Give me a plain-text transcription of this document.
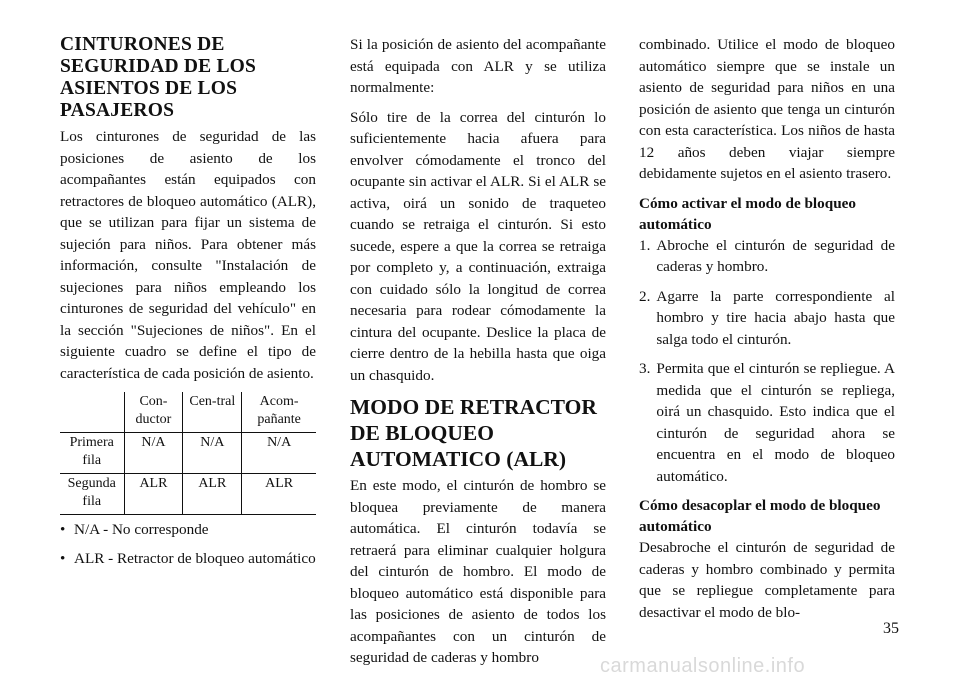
CINTURONES DE SEGURIDAD DE LOS ASIENTOS DE LOS PASAJEROS

Los cinturones de seguridad de las posiciones de asiento de los acompañantes están equipados con retractores de bloqueo automático (ALR), que se utilizan para fijar un sistema de sujeción para niños. Para obtener más información, consulte "Instalación de sujeciones para niños empleando los cinturones de seguridad del vehículo" en la sección "Sujeciones de niños". En el siguiente cuadro se define el tipo de característica de cada posición de asiento.

	Con-ductor	Cen-tral	Acom-pañante
Primera fila	N/A	N/A	N/A
Segunda fila	ALR	ALR	ALR
• N/A - No corresponde
• ALR - Retractor de bloqueo automático

Si la posición de asiento del acompañante está equipada con ALR y se utiliza normalmente:

Sólo tire de la correa del cinturón lo suficientemente hacia afuera para envolver cómodamente el tronco del ocupante sin activar el ALR. Si el ALR se activa, oirá un sonido de traqueteo cuando se retraiga el cinturón. Si esto sucede, espere a que la correa se retraiga por completo y, a continuación, extraiga con cuidado sólo la longitud de correa necesaria para rodear cómodamente la cintura del ocupante. Deslice la placa de cierre dentro de la hebilla hasta que oiga un chasquido.

MODO DE RETRACTOR DE BLOQUEO AUTOMATICO (ALR)

En este modo, el cinturón de hombro se bloquea previamente de manera automática. El cinturón todavía se retraerá para eliminar cualquier holgura del cinturón de hombro. El modo de bloqueo automático está disponible para las posiciones de asiento de todos los acompañantes con un cinturón de seguridad de caderas y hombro

combinado. Utilice el modo de bloqueo automático siempre que se instale un asiento de seguridad para niños en una posición de asiento que tenga un cinturón con esta característica. Los niños de hasta 12 años deben viajar siempre debidamente sujetos en el asiento trasero.

Cómo activar el modo de bloqueo automático

1. Abroche el cinturón de seguridad de caderas y hombro.

2. Agarre la parte correspondiente al hombro y tire hacia abajo hasta que salga todo el cinturón.

3. Permita que el cinturón se repliegue. A medida que el cinturón se repliega, oirá un chasquido. Esto indica que el cinturón de seguridad ahora se encuentra en el modo de bloqueo automático.

Cómo desacoplar el modo de bloqueo automático

Desabroche el cinturón de seguridad de caderas y hombro combinado y permita que se repliegue completamente para desactivar el modo de blo-

35
carmanualsonline.info
